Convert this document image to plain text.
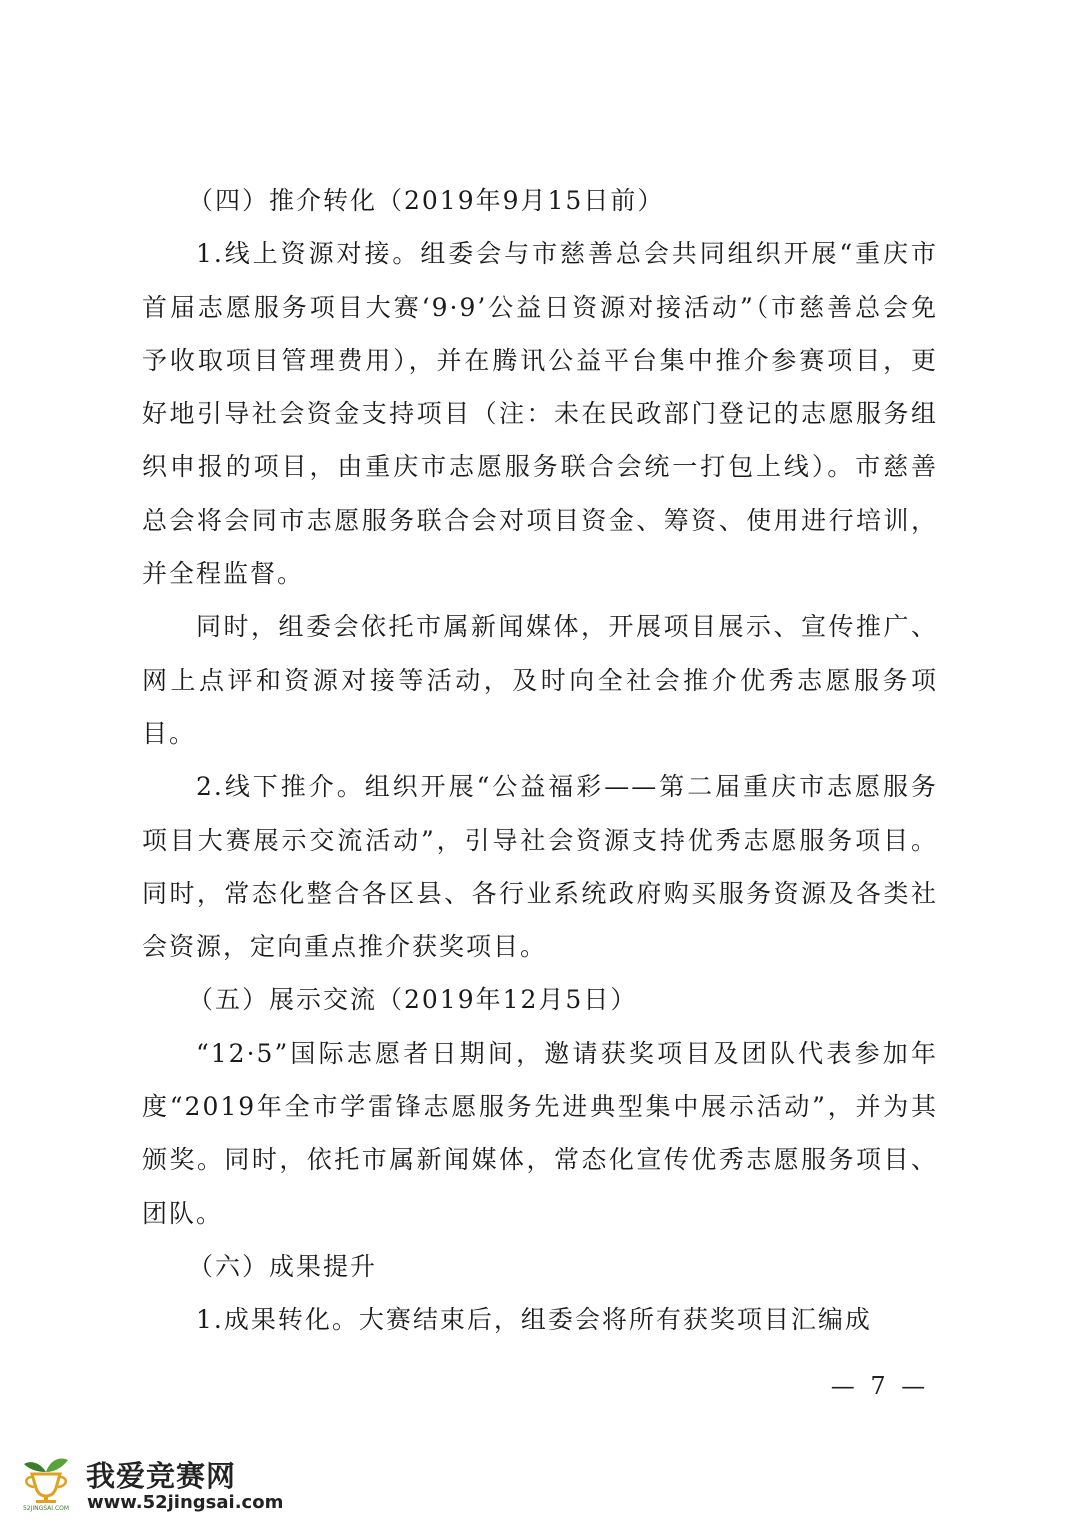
（四）推介转化（2019年9月15日前）

1.线上资源对接。组委会与市慈善总会共同组织开展“重庆市首届志愿服务项目大赛‘9·9’公益日资源对接活动”（市慈善总会免予收取项目管理费用），并在腾讯公益平台集中推介参赛项目，更好地引导社会资金支持项目（注：未在民政部门登记的志愿服务组织申报的项目，由重庆市志愿服务联合会统一打包上线）。市慈善总会将会同市志愿服务联合会对项目资金、筹资、使用进行培训，并全程监督。

同时，组委会依托市属新闻媒体，开展项目展示、宣传推广、网上点评和资源对接等活动，及时向全社会推介优秀志愿服务项目。

2.线下推介。组织开展“公益福彩——第二届重庆市志愿服务项目大赛展示交流活动”，引导社会资源支持优秀志愿服务项目。同时，常态化整合各区县、各行业系统政府购买服务资源及各类社会资源，定向重点推介获奖项目。

（五）展示交流（2019年12月5日）

“12·5”国际志愿者日期间，邀请获奖项目及团队代表参加年度“2019年全市学雷锋志愿服务先进典型集中展示活动”，并为其颁奖。同时，依托市属新闻媒体，常态化宣传优秀志愿服务项目、团队。

（六）成果提升

1.成果转化。大赛结束后，组委会将所有获奖项目汇编成

— 7 —
52JINGSAI.COM
我爱竞赛网
www.52jingsai.com
